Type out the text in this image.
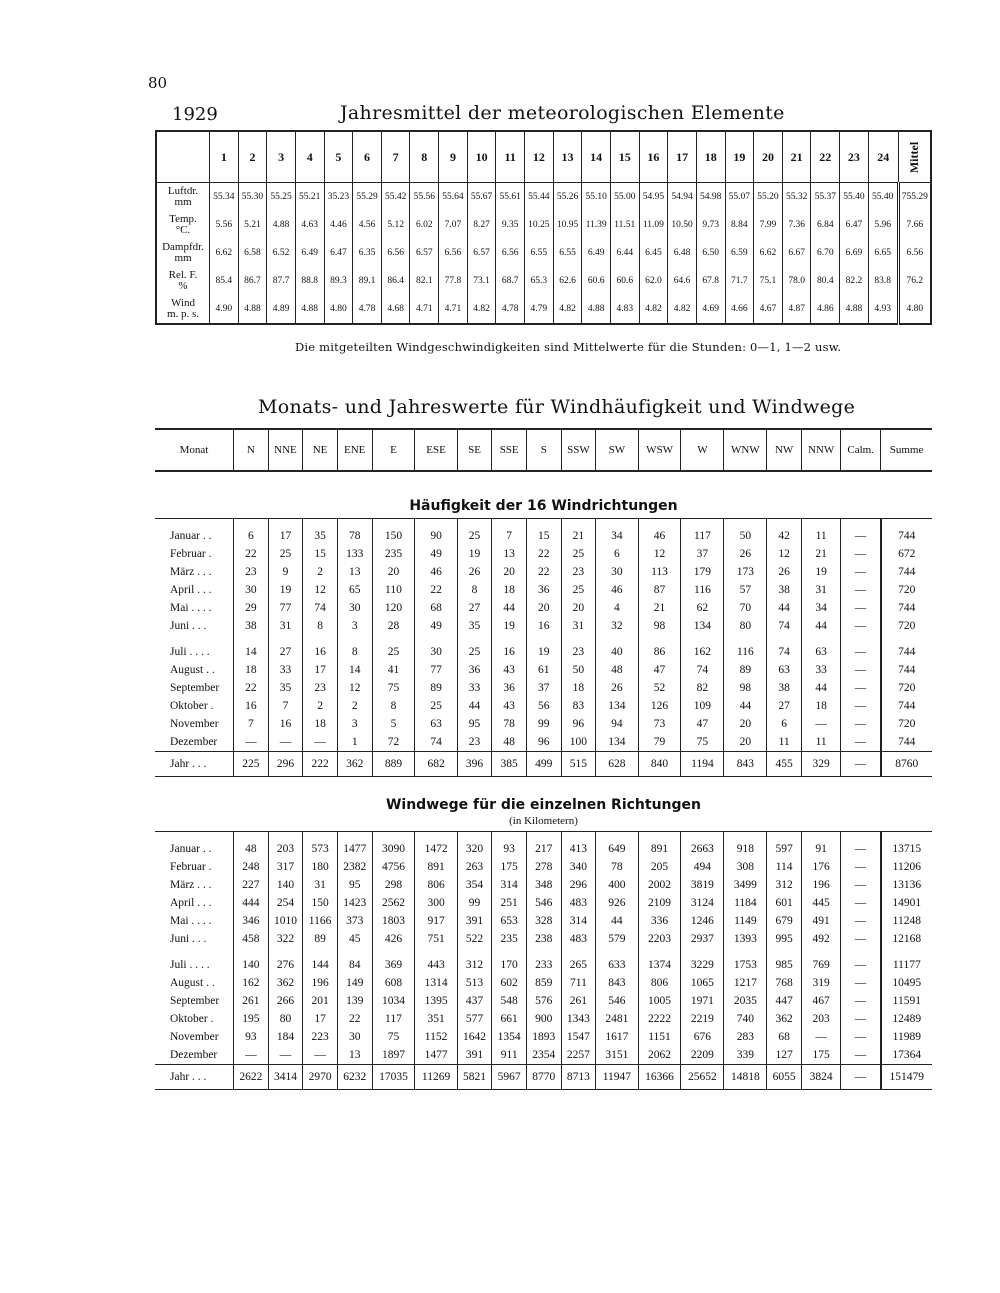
80
1929	Jahresmittel der meteorologischen Elemente
	1	2	3	4	5	6	7	8	9	10	11	12	13	14	15	16	17	18	19	20	21	22	23	24	Mittel

Luftdr.
mm	55.34	55.30	55.25	55.21	35.23	55.29	55.42	55.56	55.64	55.67	55.61	55.44	55.26	55.10	55.00	54.95	54.94	54.98	55.07	55.20	55.32	55.37	55.40	55.40	755.29

Temp.
°C.	5.56	5.21	4.88	4.63	4.46	4.56	5.12	6.02	7.07	8.27	9.35	10.25	10.95	11.39	11.51	11.09	10.50	9.73	8.84	7.99	7.36	6.84	6.47	5.96	7.66

Dampfdr.
mm	6.62	6.58	6.52	6.49	6.47	6.35	6.56	6.57	6.56	6.57	6.56	6.55	6.55	6.49	6.44	6.45	6.48	6.50	6.59	6.62	6.67	6.70	6.69	6.65	6.56

Rel. F.
%	85.4	86.7	87.7	88.8	89.3	89.1	86.4	82.1	77.8	73.1	68.7	65.3	62.6	60.6	60.6	62.0	64.6	67.8	71.7	75.1	78.0	80.4	82.2	83.8	76.2

Wind
m. p. s.	4.90	4.88	4.89	4.88	4.80	4.78	4.68	4.71	4.71	4.82	4.78	4.79	4.82	4.88	4.83	4.82	4.82	4.69	4.66	4.67	4.87	4.86	4.88	4.93	4.80
Die mitgeteilten Windgeschwindigkeiten sind Mittelwerte für die Stunden: 0—1, 1—2 usw.
Monats- und Jahreswerte für Windhäufigkeit und Windwege
Monat	N	NNE	NE	ENE	E	ESE	SE	SSE	S	SSW	SW	WSW	W	WNW	NW	NNW	Calm.	Summe
Häufigkeit der 16 Windrichtungen																		
Januar . .	6	17	35	78	150	90	25	7	15	21	34	46	117	50	42	11	—	744
Februar .	22	25	15	133	235	49	19	13	22	25	6	12	37	26	12	21	—	672
März . . .	23	9	2	13	20	46	26	20	22	23	30	113	179	173	26	19	—	744
April . . .	30	19	12	65	110	22	8	18	36	25	46	87	116	57	38	31	—	720
Mai . . . .	29	77	74	30	120	68	27	44	20	20	4	21	62	70	44	34	—	744
Juni . . .	38	31	8	3	28	49	35	19	16	31	32	98	134	80	74	44	—	720

Juli . . . .	14	27	16	8	25	30	25	16	19	23	40	86	162	116	74	63	—	744
August . .	18	33	17	14	41	77	36	43	61	50	48	47	74	89	63	33	—	744
September	22	35	23	12	75	89	33	36	37	18	26	52	82	98	38	44	—	720
Oktober .	16	7	2	2	8	25	44	43	56	83	134	126	109	44	27	18	—	744
November	7	16	18	3	5	63	95	78	99	96	94	73	47	20	6	—	—	720
Dezember	—	—	—	1	72	74	23	48	96	100	134	79	75	20	11	11	—	744
Jahr . . .	225	296	222	362	889	682	396	385	499	515	628	840	1194	843	455	329	—	8760
Windwege für die einzelnen Richtungen
(in Kilometern)																		

Januar . .	48	203	573	1477	3090	1472	320	93	217	413	649	891	2663	918	597	91	—	13715
Februar .	248	317	180	2382	4756	891	263	175	278	340	78	205	494	308	114	176	—	11206
März . . .	227	140	31	95	298	806	354	314	348	296	400	2002	3819	3499	312	196	—	13136
April . . .	444	254	150	1423	2562	300	99	251	546	483	926	2109	3124	1184	601	445	—	14901
Mai . . . .	346	1010	1166	373	1803	917	391	653	328	314	44	336	1246	1149	679	491	—	11248
Juni . . .	458	322	89	45	426	751	522	235	238	483	579	2203	2937	1393	995	492	—	12168

Juli . . . .	140	276	144	84	369	443	312	170	233	265	633	1374	3229	1753	985	769	—	11177
August . .	162	362	196	149	608	1314	513	602	859	711	843	806	1065	1217	768	319	—	10495
September	261	266	201	139	1034	1395	437	548	576	261	546	1005	1971	2035	447	467	—	11591
Oktober .	195	80	17	22	117	351	577	661	900	1343	2481	2222	2219	740	362	203	—	12489
November	93	184	223	30	75	1152	1642	1354	1893	1547	1617	1151	676	283	68	—	—	11989
Dezember	—	—	—	13	1897	1477	391	911	2354	2257	3151	2062	2209	339	127	175	—	17364
Jahr . . .	2622	3414	2970	6232	17035	11269	5821	5967	8770	8713	11947	16366	25652	14818	6055	3824	—	151479
